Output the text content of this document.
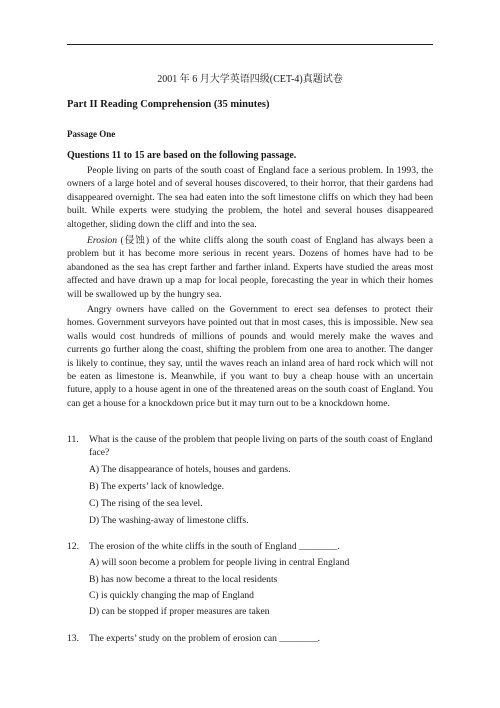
2001 年 6 月大学英语四级(CET-4)真题试卷
Part II Reading Comprehension (35 minutes)
Passage One
Questions 11 to 15 are based on the following passage.

People living on parts of the south coast of England face a serious problem. In 1993, the owners of a large hotel and of several houses discovered, to their horror, that their gardens had disappeared overnight. The sea had eaten into the soft limestone cliffs on which they had been built. While experts were studying the problem, the hotel and several houses disappeared altogether, sliding down the cliff and into the sea.

Erosion (侵蚀) of the white cliffs along the south coast of England has always been a problem but it has become more serious in recent years. Dozens of homes have had to be abandoned as the sea has crept farther and farther inland. Experts have studied the areas most affected and have drawn up a map for local people, forecasting the year in which their homes will be swallowed up by the hungry sea.

Angry owners have called on the Government to erect sea defenses to protect their homes. Government surveyors have pointed out that in most cases, this is impossible. New sea walls would cost hundreds of millions of pounds and would merely make the waves and currents go further along the coast, shifting the problem from one area to another. The danger is likely to continue, they say, until the waves reach an inland area of hard rock which will not be eaten as limestone is. Meanwhile, if you want to buy a cheap house with an uncertain future, apply to a house agent in one of the threatened areas on the south coast of England. You can get a house for a knockdown price but it may turn out to be a knockdown home.

11. What is the cause of the problem that people living on parts of the south coast of England face?
A) The disappearance of hotels, houses and gardens.
B) The experts’ lack of knowledge.
C) The rising of the sea level.
D) The washing-away of limestone cliffs.
12. The erosion of the white cliffs in the south of England ________.
A) will soon become a problem for people living in central England
B) has now become a threat to the local residents
C) is quickly changing the map of England
D) can be stopped if proper measures are taken
13. The experts’ study on the problem of erosion can ________.
